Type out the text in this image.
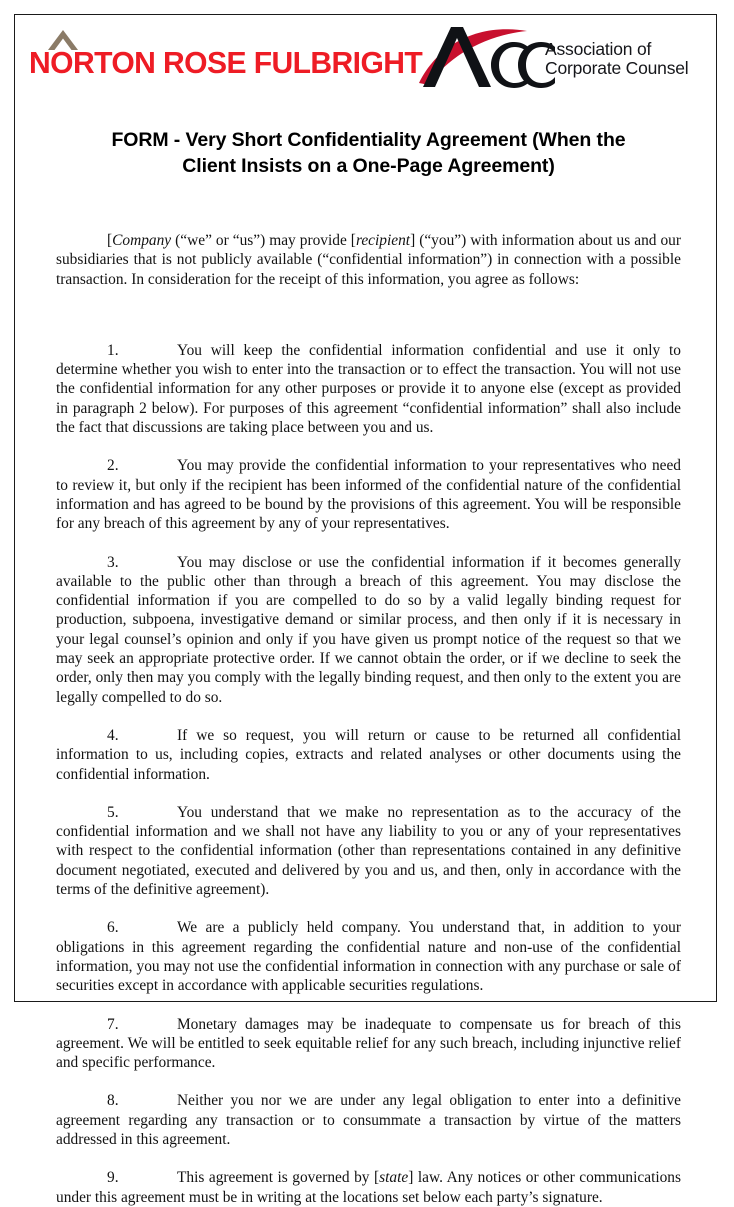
NORTON ROSE FULBRIGHT	Association of
Corporate Counsel
FORM - Very Short Confidentiality Agreement (When the
Client Insists on a One-Page Agreement)

[Company (“we” or “us”) may provide [recipient] (“you”) with information about us and our subsidiaries that is not publicly available (“confidential information”) in connection with a possible transaction. In consideration for the receipt of this information, you agree as follows:

1.	You will keep the confidential information confidential and use it only to determine whether you wish to enter into the transaction or to effect the transaction. You will not use the confidential information for any other purposes or provide it to anyone else (except as provided in paragraph 2 below). For purposes of this agreement “confidential information” shall also include the fact that discussions are taking place between you and us.

2.	You may provide the confidential information to your representatives who need to review it, but only if the recipient has been informed of the confidential nature of the confidential information and has agreed to be bound by the provisions of this agreement. You will be responsible for any breach of this agreement by any of your representatives.

3.	You may disclose or use the confidential information if it becomes generally available to the public other than through a breach of this agreement. You may disclose the confidential information if you are compelled to do so by a valid legally binding request for production, subpoena, investigative demand or similar process, and then only if it is necessary in your legal counsel’s opinion and only if you have given us prompt notice of the request so that we may seek an appropriate protective order. If we cannot obtain the order, or if we decline to seek the order, only then may you comply with the legally binding request, and then only to the extent you are legally compelled to do so.

4.	If we so request, you will return or cause to be returned all confidential information to us, including copies, extracts and related analyses or other documents using the confidential information.

5.	You understand that we make no representation as to the accuracy of the confidential information and we shall not have any liability to you or any of your representatives with respect to the confidential information (other than representations contained in any definitive document negotiated, executed and delivered by you and us, and then, only in accordance with the terms of the definitive agreement).

6.	We are a publicly held company. You understand that, in addition to your obligations in this agreement regarding the confidential nature and non-use of the confidential information, you may not use the confidential information in connection with any purchase or sale of securities except in accordance with applicable securities regulations.

7.	Monetary damages may be inadequate to compensate us for breach of this agreement. We will be entitled to seek equitable relief for any such breach, including injunctive relief and specific performance.

8.	Neither you nor we are under any legal obligation to enter into a definitive agreement regarding any transaction or to consummate a transaction by virtue of the matters addressed in this agreement.

9.	This agreement is governed by [state] law. Any notices or other communications under this agreement must be in writing at the locations set below each party’s signature.
